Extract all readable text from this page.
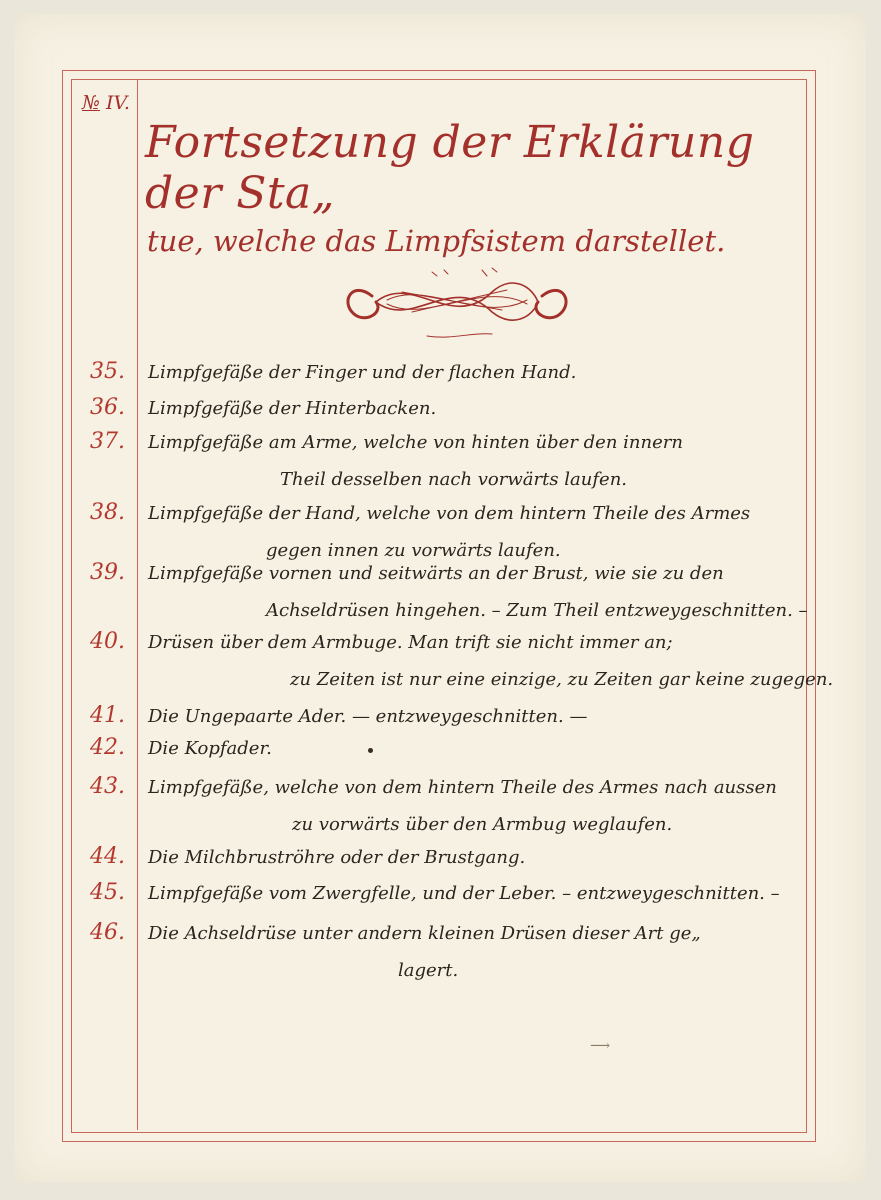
№ IV.
Fortsetzung der Erklärung der Sta„
tue, welche das Limpfsistem darstellet.
35. Limpfgefäße der Finger und der flachen Hand.
36. Limpfgefäße der Hinterbacken.
37. Limpfgefäße am Arme, welche von hinten über den innern
Theil desselben nach vorwärts laufen.
38. Limpfgefäße der Hand, welche von dem hintern Theile des Armes
gegen innen zu vorwärts laufen.
39. Limpfgefäße vornen und seitwärts an der Brust, wie sie zu den
Achseldrüsen hingehen. – Zum Theil entzweygeschnitten. –
40. Drüsen über dem Armbuge. Man trift sie nicht immer an;
zu Zeiten ist nur eine einzige, zu Zeiten gar keine zugegen.
41. Die Ungepaarte Ader. — entzweygeschnitten. —
42. Die Kopfader.
43. Limpfgefäße, welche von dem hintern Theile des Armes nach aussen
zu vorwärts über den Armbug weglaufen.
44. Die Milchbruströhre oder der Brustgang.
45. Limpfgefäße vom Zwergfelle, und der Leber. – entzweygeschnitten. –
46. Die Achseldrüse unter andern kleinen Drüsen dieser Art ge„
lagert.
⟶
